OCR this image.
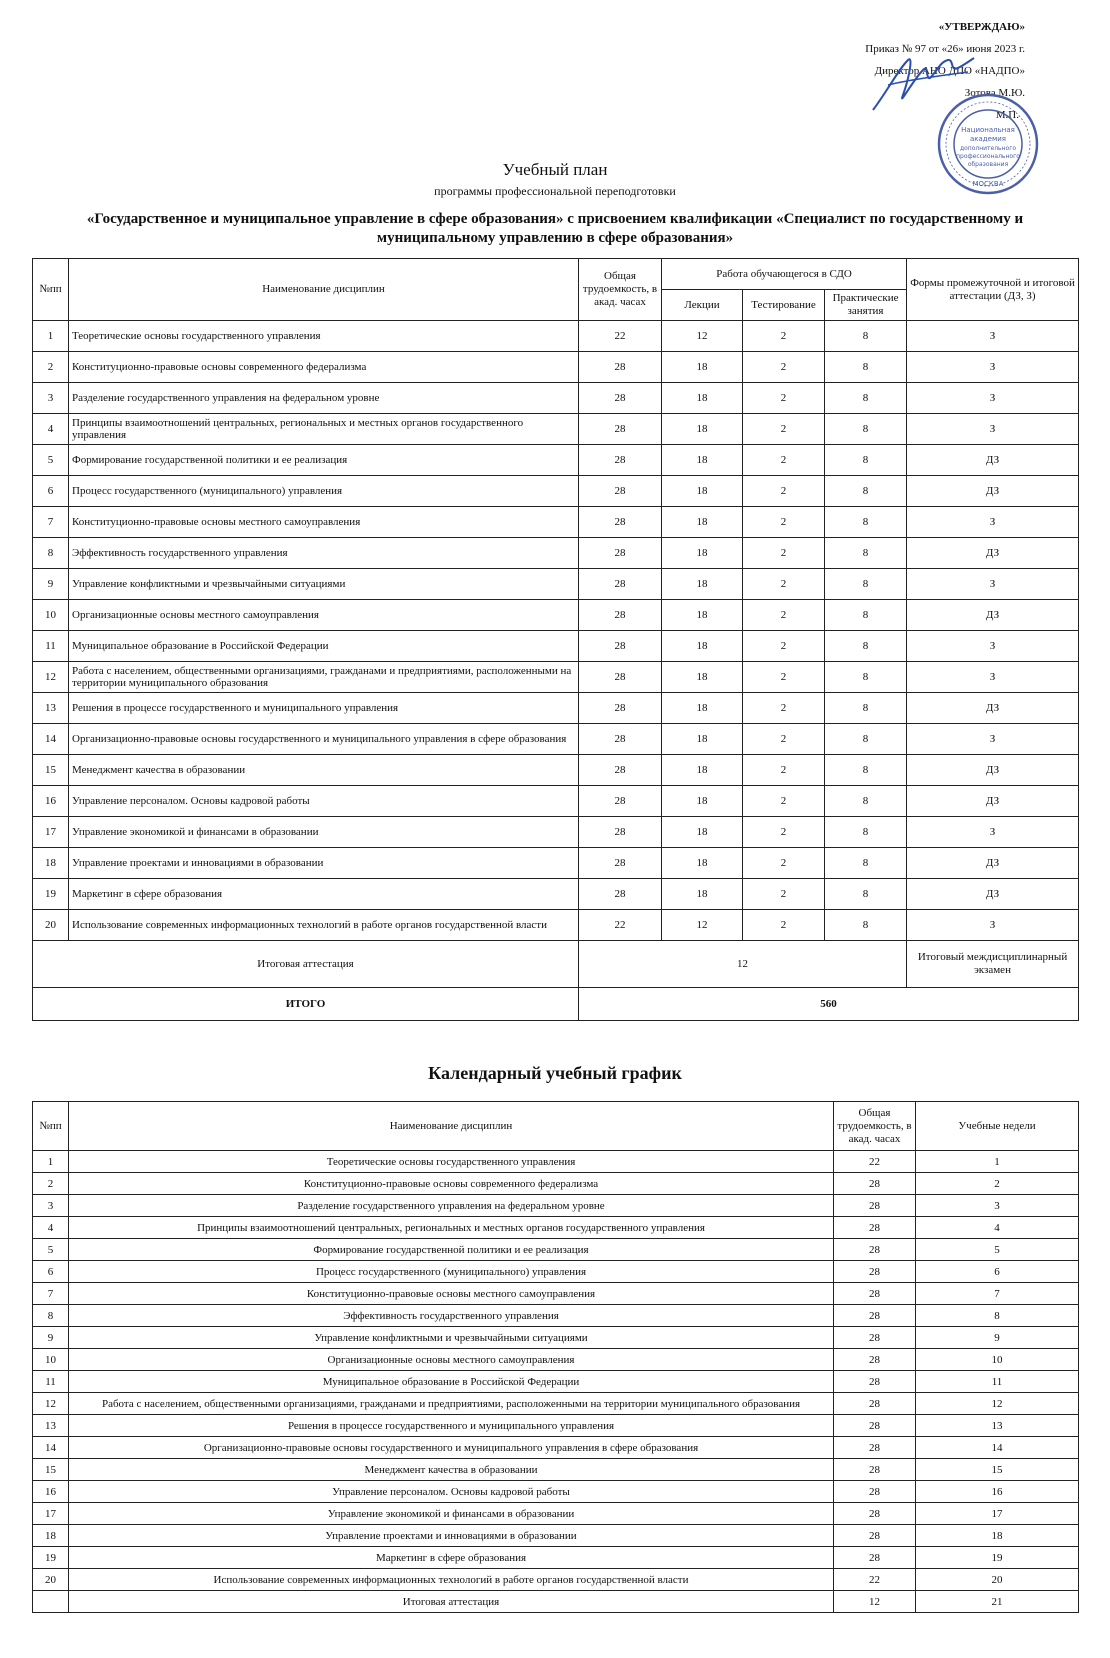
«УТВЕРЖДАЮ»
Приказ № 97 от «26» июня 2023 г.
Директор АНО ДПО «НАДПО»
Зотова М.Ю.
М.П.
Национальная
академия
дополнительного
профессионального
образования
МОСКВА
Учебный план
программы профессиональной переподготовки
«Государственное и муниципальное управление в сфере образования» с присвоением квалификации «Специалист по государственному и муниципальному управлению в сфере образования»
№пп	Наименование дисциплин	Общая трудоемкость, в акад. часах	Работа обучающегося в СДО			Формы промежуточной и итоговой аттестации (ДЗ, З)
			Лекции	Тестирование	Практические занятия	
1	Теоретические основы государственного управления	22	12	2	8	З
2	Конституционно-правовые основы современного федерализма	28	18	2	8	З
3	Разделение государственного управления на федеральном уровне	28	18	2	8	З
4	Принципы взаимоотношений центральных, региональных и местных органов государственного управления	28	18	2	8	З
5	Формирование государственной политики и ее реализация	28	18	2	8	ДЗ
6	Процесс государственного (муниципального) управления	28	18	2	8	ДЗ
7	Конституционно-правовые основы местного самоуправления	28	18	2	8	З
8	Эффективность государственного управления	28	18	2	8	ДЗ
9	Управление конфликтными и чрезвычайными ситуациями	28	18	2	8	З
10	Организационные основы местного самоуправления	28	18	2	8	ДЗ
11	Муниципальное образование в Российской Федерации	28	18	2	8	З
12	Работа с населением, общественными организациями, гражданами и предприятиями, расположенными на территории муниципального образования	28	18	2	8	З
13	Решения в процессе государственного и муниципального управления	28	18	2	8	ДЗ
14	Организационно-правовые основы государственного и муниципального управления в сфере образования	28	18	2	8	З
15	Менеджмент качества в образовании	28	18	2	8	ДЗ
16	Управление персоналом. Основы кадровой работы	28	18	2	8	ДЗ
17	Управление экономикой и финансами в образовании	28	18	2	8	З
18	Управление проектами и инновациями в образовании	28	18	2	8	ДЗ
19	Маркетинг в сфере образования	28	18	2	8	ДЗ
20	Использование современных информационных технологий в работе органов государственной власти	22	12	2	8	З
Итоговая аттестация		12				Итоговый междисциплинарный экзамен
ИТОГО		560				
Календарный учебный график
№пп	Наименование дисциплин	Общая трудоемкость, в акад. часах	Учебные недели
1	Теоретические основы государственного управления	22	1
2	Конституционно-правовые основы современного федерализма	28	2
3	Разделение государственного управления на федеральном уровне	28	3
4	Принципы взаимоотношений центральных, региональных и местных органов государственного управления	28	4
5	Формирование государственной политики и ее реализация	28	5
6	Процесс государственного (муниципального) управления	28	6
7	Конституционно-правовые основы местного самоуправления	28	7
8	Эффективность государственного управления	28	8
9	Управление конфликтными и чрезвычайными ситуациями	28	9
10	Организационные основы местного самоуправления	28	10
11	Муниципальное образование в Российской Федерации	28	11
12	Работа с населением, общественными организациями, гражданами и предприятиями, расположенными на территории муниципального образования	28	12
13	Решения в процессе государственного и муниципального управления	28	13
14	Организационно-правовые основы государственного и муниципального управления в сфере образования	28	14
15	Менеджмент качества в образовании	28	15
16	Управление персоналом. Основы кадровой работы	28	16
17	Управление экономикой и финансами в образовании	28	17
18	Управление проектами и инновациями в образовании	28	18
19	Маркетинг в сфере образования	28	19
20	Использование современных информационных технологий в работе органов государственной власти	22	20
	Итоговая аттестация	12	21
